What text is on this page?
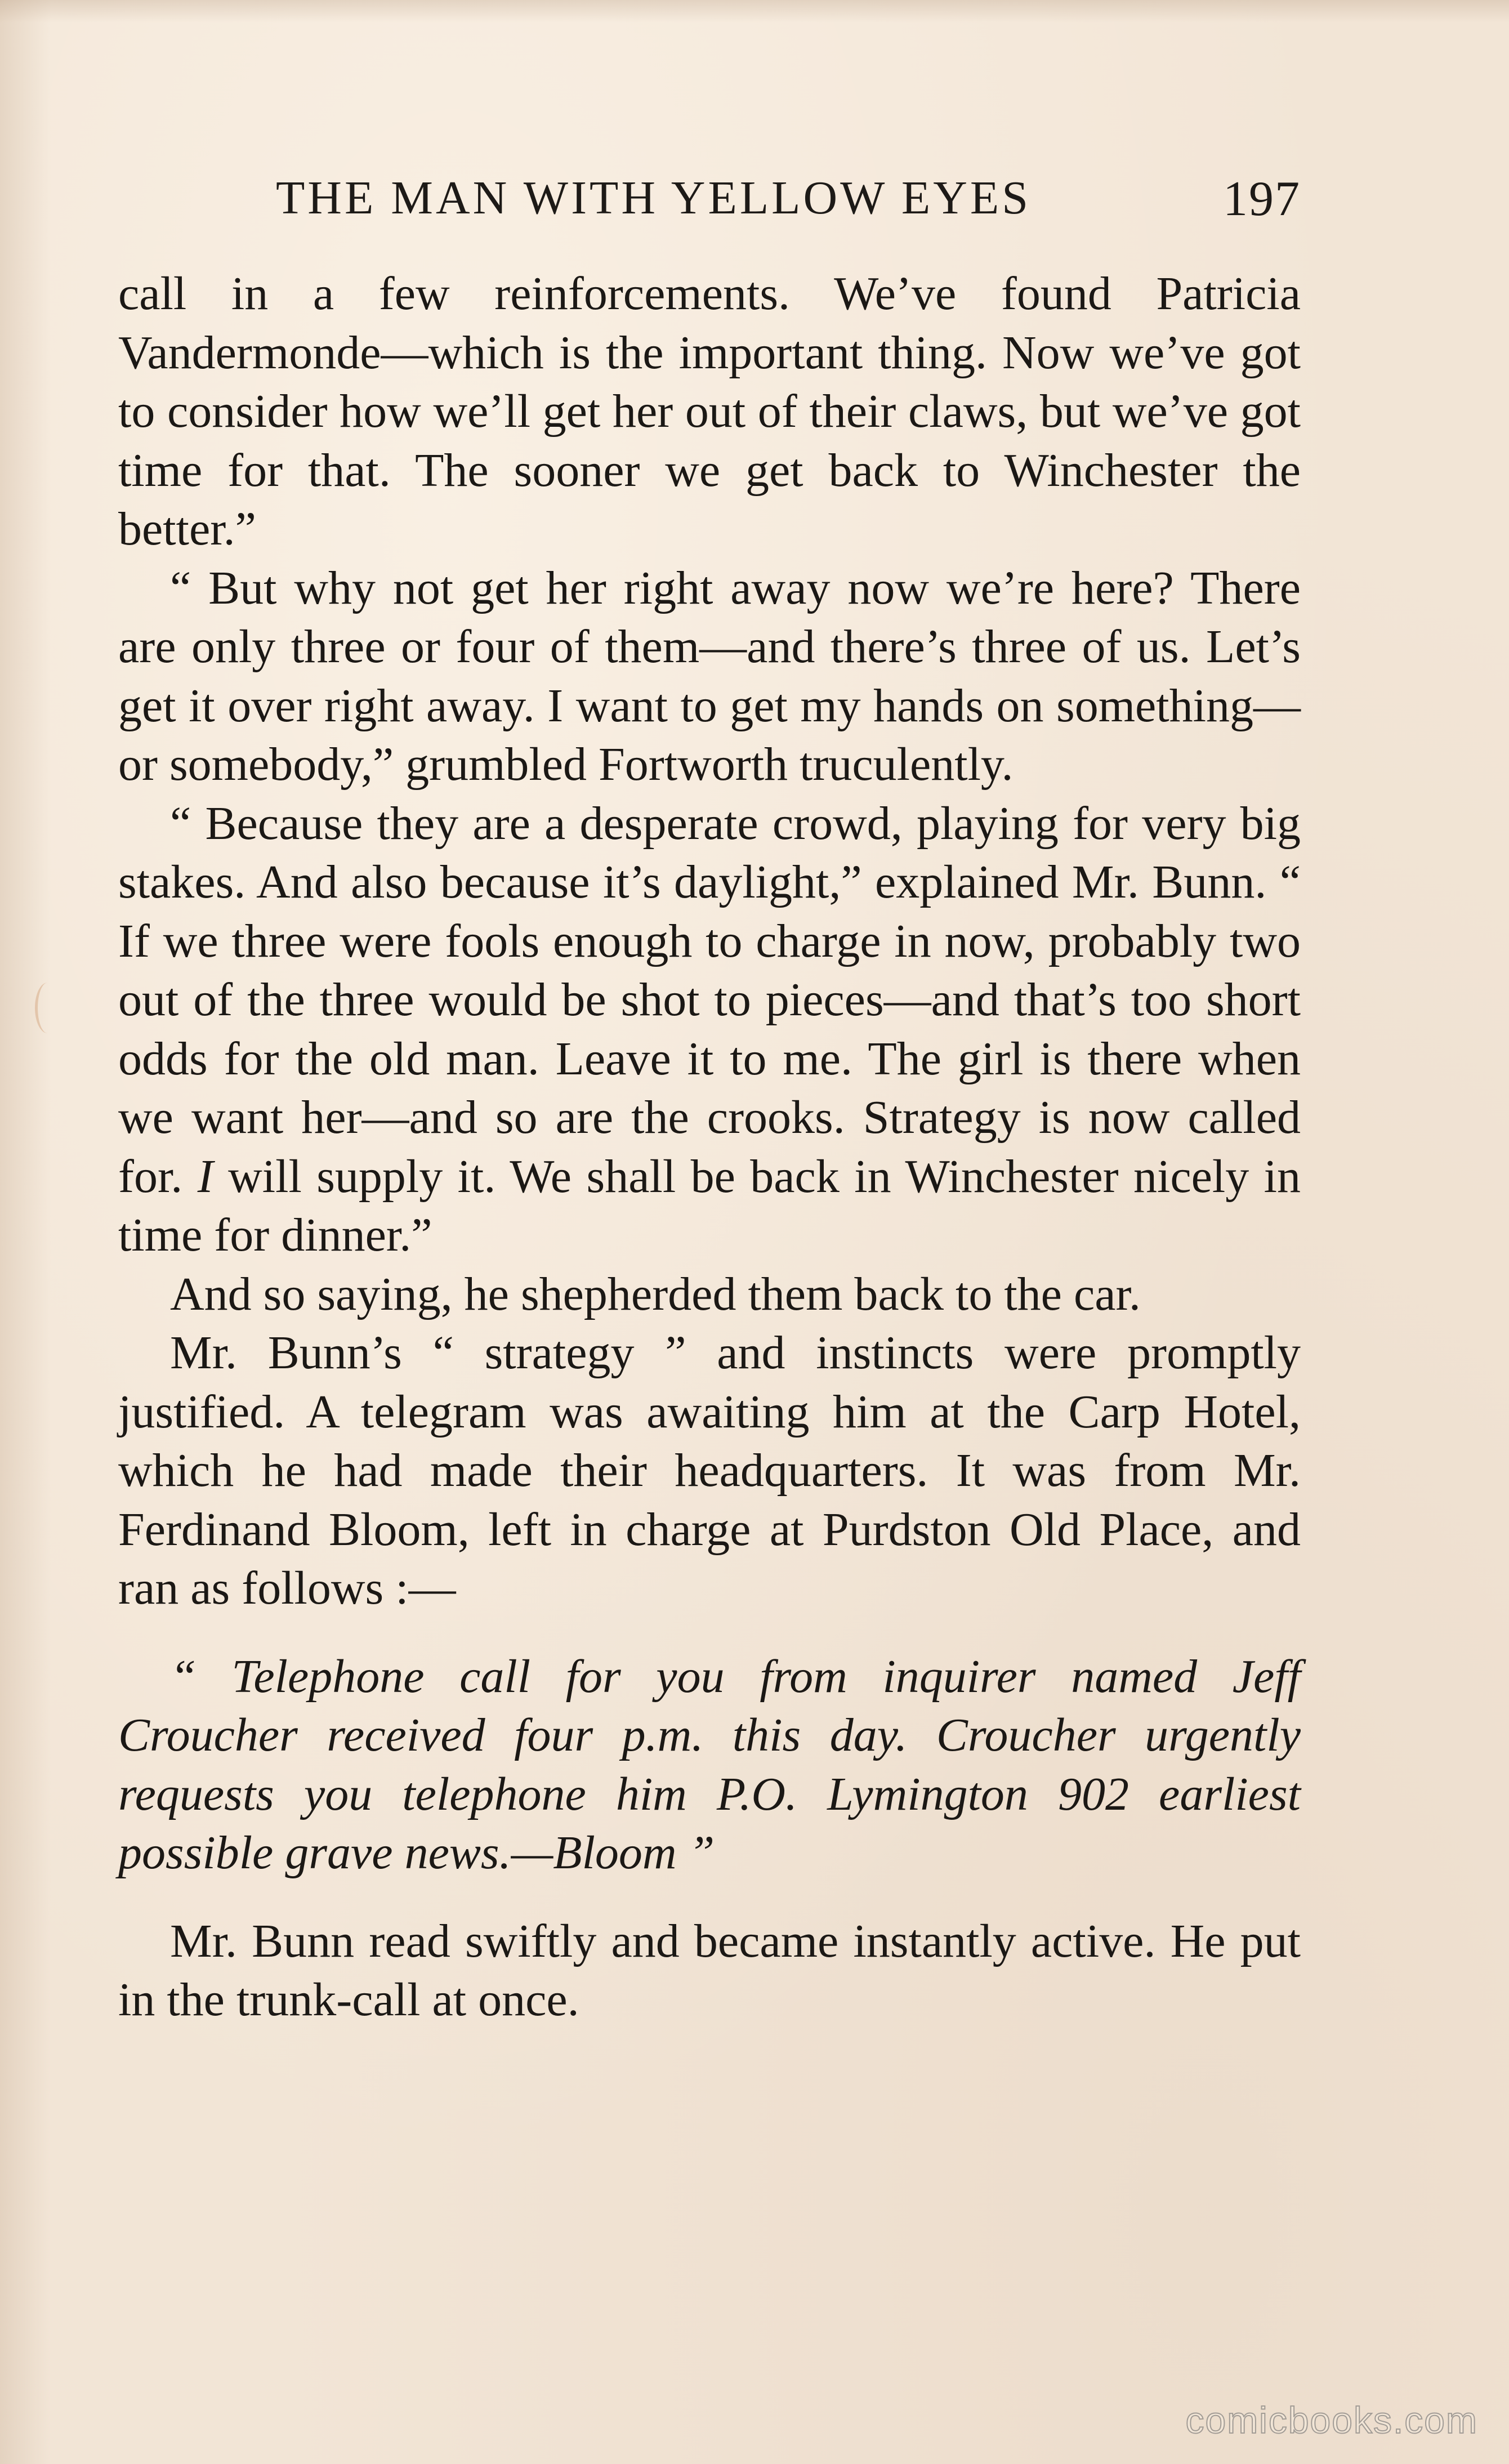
THE MAN WITH YELLOW EYES	197

call in a few reinforcements. We’ve found Patricia Vandermonde—which is the important thing. Now we’ve got to consider how we’ll get her out of their claws, but we’ve got time for that. The sooner we get back to Winchester the better.”

“ But why not get her right away now we’re here? There are only three or four of them—and there’s three of us. Let’s get it over right away. I want to get my hands on something—or somebody,” grumbled Fortworth truculently.

“ Because they are a desperate crowd, playing for very big stakes. And also because it’s daylight,” explained Mr. Bunn. “ If we three were fools enough to charge in now, probably two out of the three would be shot to pieces—and that’s too short odds for the old man. Leave it to me. The girl is there when we want her—and so are the crooks. Strategy is now called for. I will supply it. We shall be back in Winchester nicely in time for dinner.”

And so saying, he shepherded them back to the car.

Mr. Bunn’s “ strategy ” and instincts were promptly justified. A telegram was awaiting him at the Carp Hotel, which he had made their headquarters. It was from Mr. Ferdinand Bloom, left in charge at Purdston Old Place, and ran as follows :—

“ Telephone call for you from inquirer named Jeff Croucher received four p.m. this day. Croucher urgently requests you telephone him P.O. Lymington 902 earliest possible grave news.—Bloom ”

Mr. Bunn read swiftly and became instantly active. He put in the trunk-call at once.

comicbooks.com
